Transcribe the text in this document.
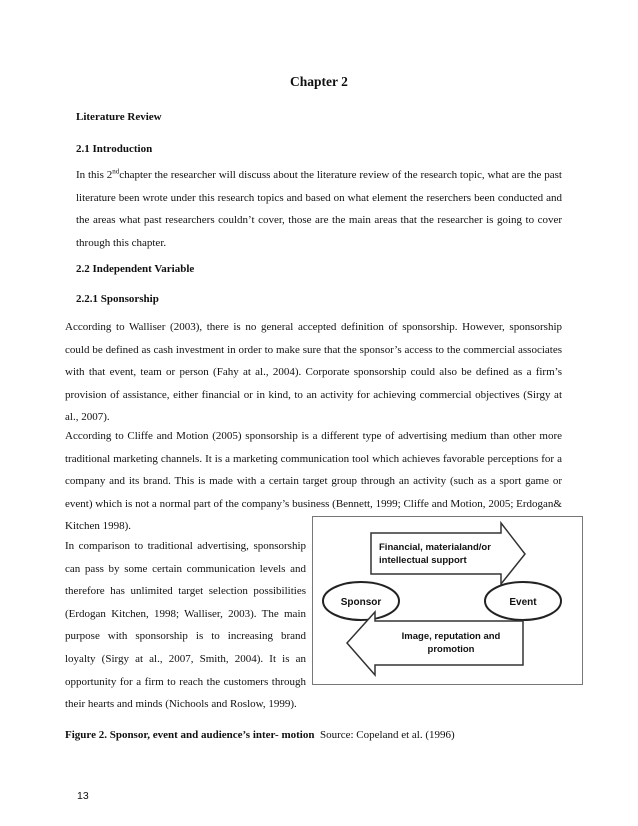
Chapter 2
Literature Review
2.1 Introduction
In this 2ndchapter the researcher will discuss about the literature review of the research topic, what are the past literature been wrote under this research topics and based on what element the reserchers been conducted and the areas what past researchers couldn’t cover, those are the main areas that the researcher is going to cover through this chapter.
2.2 Independent Variable
2.2.1 Sponsorship
According to Walliser (2003), there is no general accepted definition of sponsorship. However, sponsorship could be defined as cash investment in order to make sure that the sponsor’s access to the commercial associates with that event, team or person (Fahy at al., 2004). Corporate sponsorship could also be defined as a firm’s provision of assistance, either financial or in kind, to an activity for achieving commercial objectives (Sirgy at al., 2007).
According to Cliffe and Motion (2005) sponsorship is a different type of advertising medium than other more traditional marketing channels. It is a marketing communication tool which achieves favorable perceptions for a company and its brand. This is made with a certain target group through an activity (such as a sport game or event) which is not a normal part of the company’s business (Bennett, 1999; Cliffe and Motion, 2005; Erdogan& Kitchen 1998).
In comparison to traditional advertising, sponsorship can pass by some certain communication levels and therefore has unlimited target selection possibilities (Erdogan Kitchen, 1998; Walliser, 2003). The main purpose with sponsorship is to increasing brand loyalty (Sirgy at al., 2007, Smith, 2004). It is an opportunity for a firm to reach the customers through their hearts and minds (Nichools and Roslow, 1999).
Financial, materialand/or
intellectual support
Sponsor	Event
Image, reputation and
promotion
Figure 2. Sponsor, event and audience’s inter- motion  Source: Copeland et al. (1996)
13
